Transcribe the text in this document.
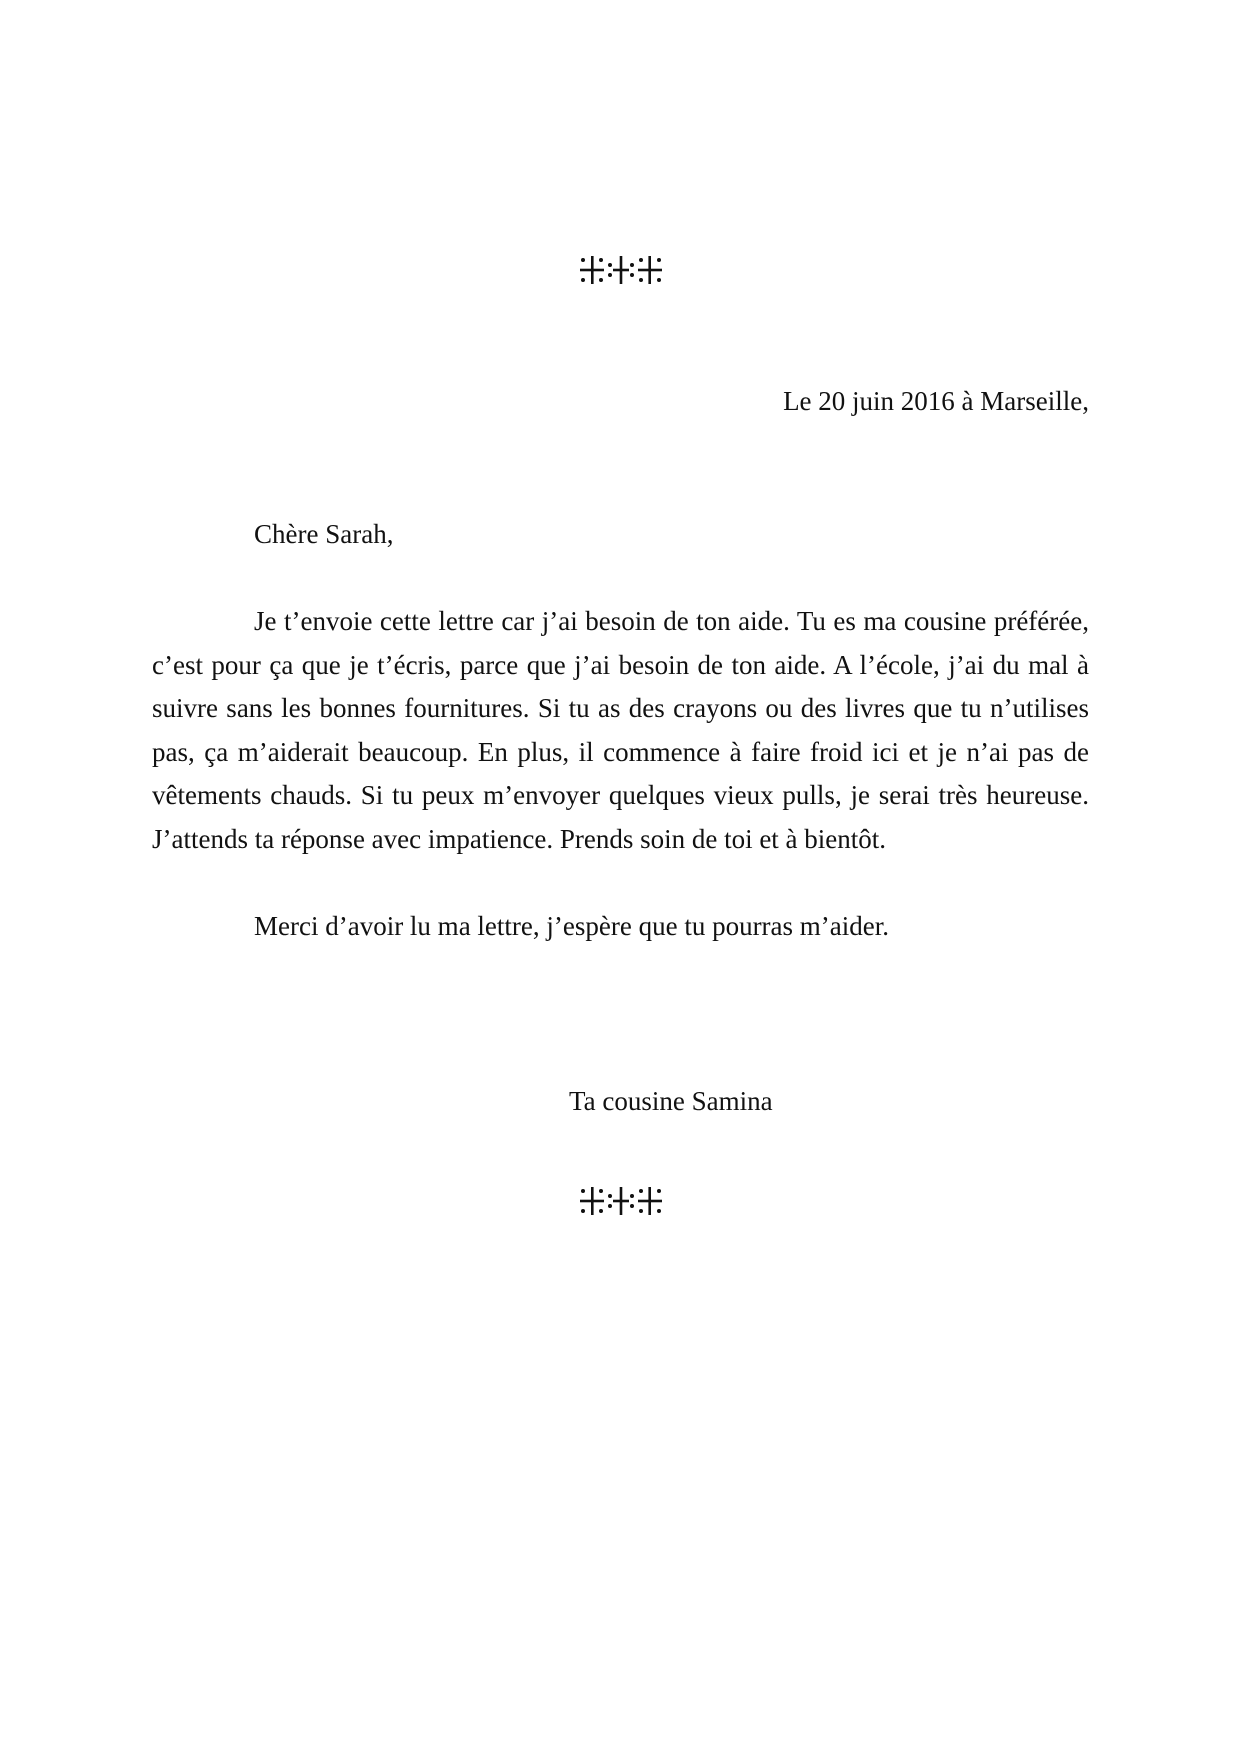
Le 20 juin 2016 à Marseille,
Chère Sarah,

Je t’envoie cette lettre car j’ai besoin de ton aide. Tu es ma cousine préférée, c’est pour ça que je t’écris, parce que j’ai besoin de ton aide. A l’école, j’ai du mal à suivre sans les bonnes fournitures. Si tu as des crayons ou des livres que tu n’utilises pas, ça m’aiderait beaucoup. En plus, il commence à faire froid ici et je n’ai pas de vêtements chauds. Si tu peux m’envoyer quelques vieux pulls, je serai très heureuse. J’attends ta réponse avec impatience. Prends soin de toi et à bientôt.

Merci d’avoir lu ma lettre, j’espère que tu pourras m’aider.
Ta cousine Samina
